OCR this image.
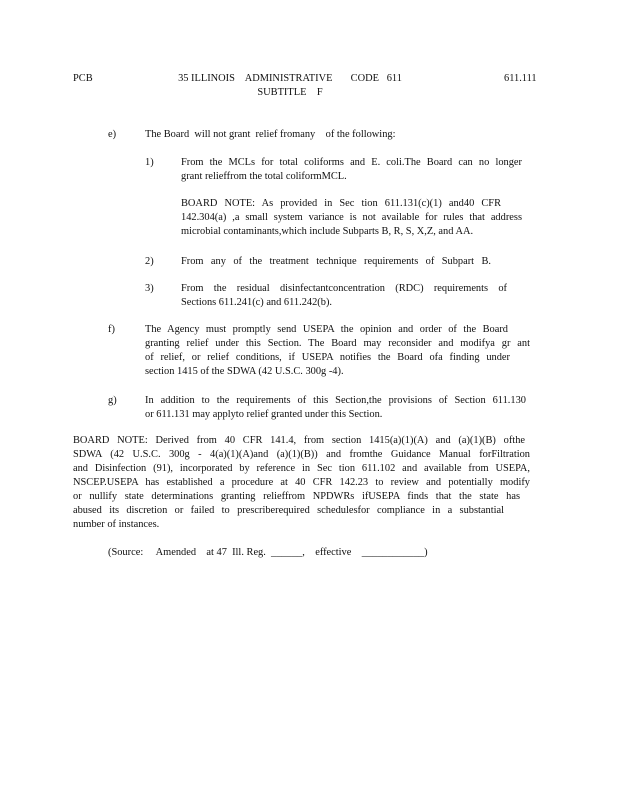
PCB	35 ILLINOIS    ADMINISTRATIVE       CODE   611
SUBTITLE    F
611.111
e)	The Board  will not grant  relief fromany    of the following:
1)	From the MCLs for total coliforms and E. coli.The Board can no longer
grant relieffrom the total coliformMCL.
BOARD NOTE: As provided in Sec tion 611.131(c)(1) and40 CFR
142.304(a) ,a small system variance is not available for rules that address
microbial contaminants,which include Subparts B, R, S, X,Z, and AA.
2)	From any of the treatment technique requirements of Subpart B.
3)	From the residual disinfectantconcentration (RDC) requirements of
Sections 611.241(c) and 611.242(b).
f)	The Agency must promptly send USEPA the opinion and order of the Board
granting relief under this Section. The Board may reconsider and modifya gr ant
of relief, or relief conditions, if USEPA notifies the Board ofa finding under
section 1415 of the SDWA (42 U.S.C. 300g -4).
g)	In addition to the requirements of this Section,the provisions of Section 611.130
or 611.131 may applyto relief granted under this Section.
BOARD NOTE: Derived from 40 CFR 141.4, from section 1415(a)(1)(A) and (a)(1)(B) ofthe
SDWA (42 U.S.C. 300g - 4(a)(1)(A)and (a)(1)(B)) and fromthe Guidance Manual forFiltration
and Disinfection (91), incorporated by reference in Sec tion 611.102 and available from USEPA,
NSCEP.USEPA has established a procedure at 40 CFR 142.23 to review and potentially modify
or nullify state determinations granting relieffrom NPDWRs ifUSEPA finds that the state has
abused its discretion or failed to prescriberequired schedulesfor compliance in a substantial
number of instances.
(Source:     Amended    at 47  Ill. Reg.  ______,    effective    ____________)
